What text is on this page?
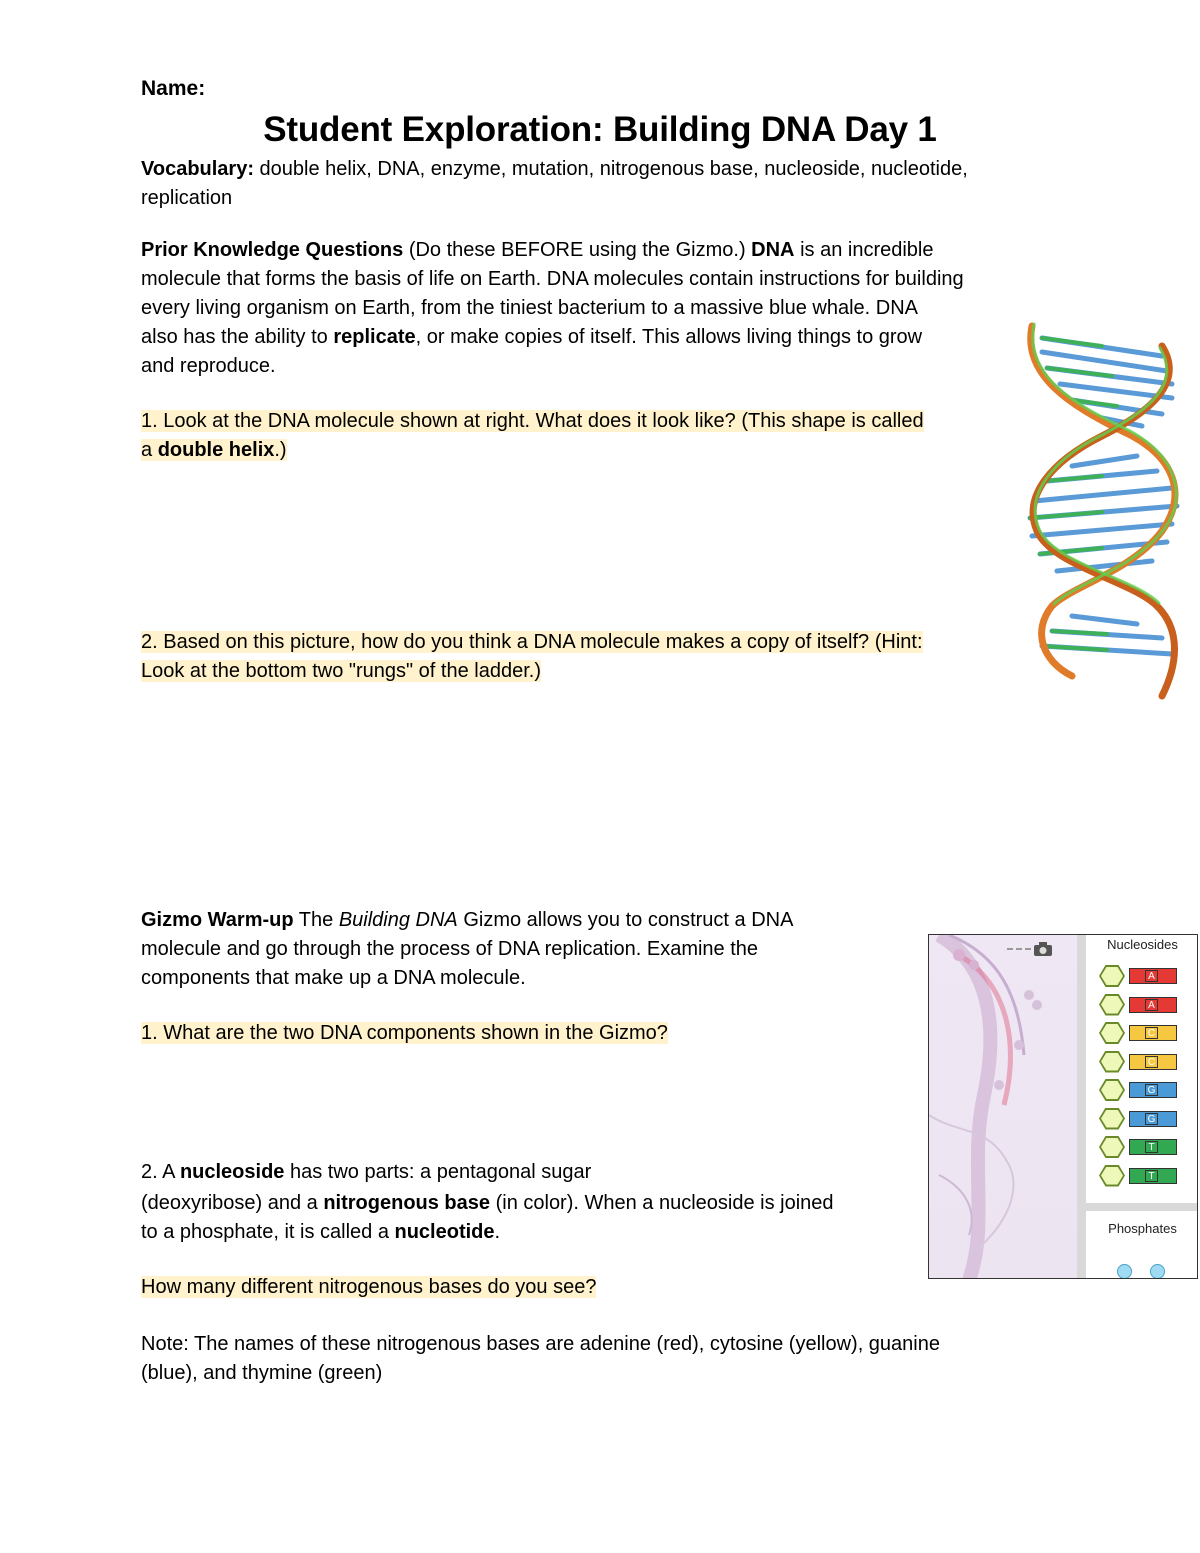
Name:
Student Exploration: Building DNA Day 1

Vocabulary: double helix, DNA, enzyme, mutation, nitrogenous base, nucleoside, nucleotide,
replication

Prior Knowledge Questions (Do these BEFORE using the Gizmo.) DNA is an incredible
molecule that forms the basis of life on Earth. DNA molecules contain instructions for building
every living organism on Earth, from the tiniest bacterium to a massive blue whale. DNA
also has the ability to replicate, or make copies of itself. This allows living things to grow
and reproduce.

1. Look at the DNA molecule shown at right. What does it look like? (This shape is called
a double helix.)

2. Based on this picture, how do you think a DNA molecule makes a copy of itself? (Hint:
Look at the bottom two "rungs" of the ladder.)

Gizmo Warm-up The Building DNA Gizmo allows you to construct a DNA
molecule and go through the process of DNA replication. Examine the
components that make up a DNA molecule.

1. What are the two DNA components shown in the Gizmo?

2. A nucleoside has two parts: a pentagonal sugar
(deoxyribose) and a nitrogenous base (in color). When a nucleoside is joined
to a phosphate, it is called a nucleotide.

How many different nitrogenous bases do you see?

Note: The names of these nitrogenous bases are adenine (red), cytosine (yellow), guanine
(blue), and thymine (green)

Nucleosides
Phosphates
A
A
C
C
G
G
T
T
